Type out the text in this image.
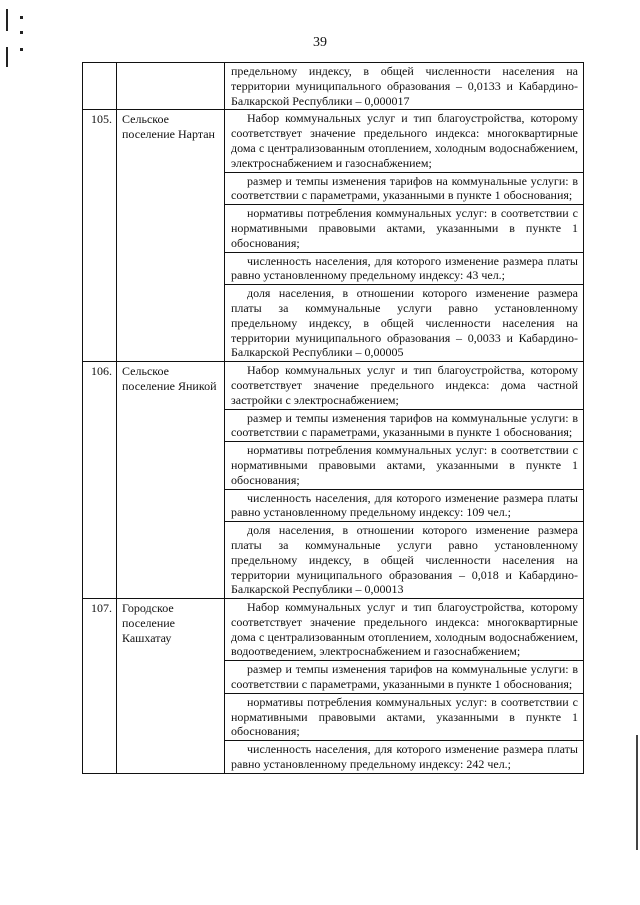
39

		предельному индексу, в общей численности населения на территории муниципального образования – 0,0133 и Кабардино-Балкарской Республики – 0,000017

105.	Сельское поселение Нартан	Набор коммунальных услуг и тип благоустройства, которому соответствует значение предельного индекса: многоквартирные дома с централизованным отоплением, холодным водоснабжением, электроснабжением и газоснабжением;
размер и темпы изменения тарифов на коммунальные услуги: в соответствии с параметрами, указанными в пункте 1 обоснования;
нормативы потребления коммунальных услуг: в соответствии с нормативными правовыми актами, указанными в пункте 1 обоснования;
численность населения, для которого изменение размера платы равно установленному предельному индексу: 43 чел.;
доля населения, в отношении которого изменение размера платы за коммунальные услуги равно установленному предельному индексу, в общей численности населения на территории муниципального образования – 0,0033 и Кабардино-Балкарской Республики – 0,00005

106.	Сельское поселение Яникой	Набор коммунальных услуг и тип благоустройства, которому соответствует значение предельного индекса: дома частной застройки с электроснабжением;
размер и темпы изменения тарифов на коммунальные услуги: в соответствии с параметрами, указанными в пункте 1 обоснования;
нормативы потребления коммунальных услуг: в соответствии с нормативными правовыми актами, указанными в пункте 1 обоснования;
численность населения, для которого изменение размера платы равно установленному предельному индексу: 109 чел.;
доля населения, в отношении которого изменение размера платы за коммунальные услуги равно установленному предельному индексу, в общей численности населения на территории муниципального образования – 0,018 и Кабардино-Балкарской Республики – 0,00013

107.	Городское поселение Кашхатау	Набор коммунальных услуг и тип благоустройства, которому соответствует значение предельного индекса: многоквартирные дома с централизованным отоплением, холодным водоснабжением, водоотведением, электроснабжением и газоснабжением;
размер и темпы изменения тарифов на коммунальные услуги: в соответствии с параметрами, указанными в пункте 1 обоснования;
нормативы потребления коммунальных услуг: в соответствии с нормативными правовыми актами, указанными в пункте 1 обоснования;
численность населения, для которого изменение размера платы равно установленному предельному индексу: 242 чел.;
